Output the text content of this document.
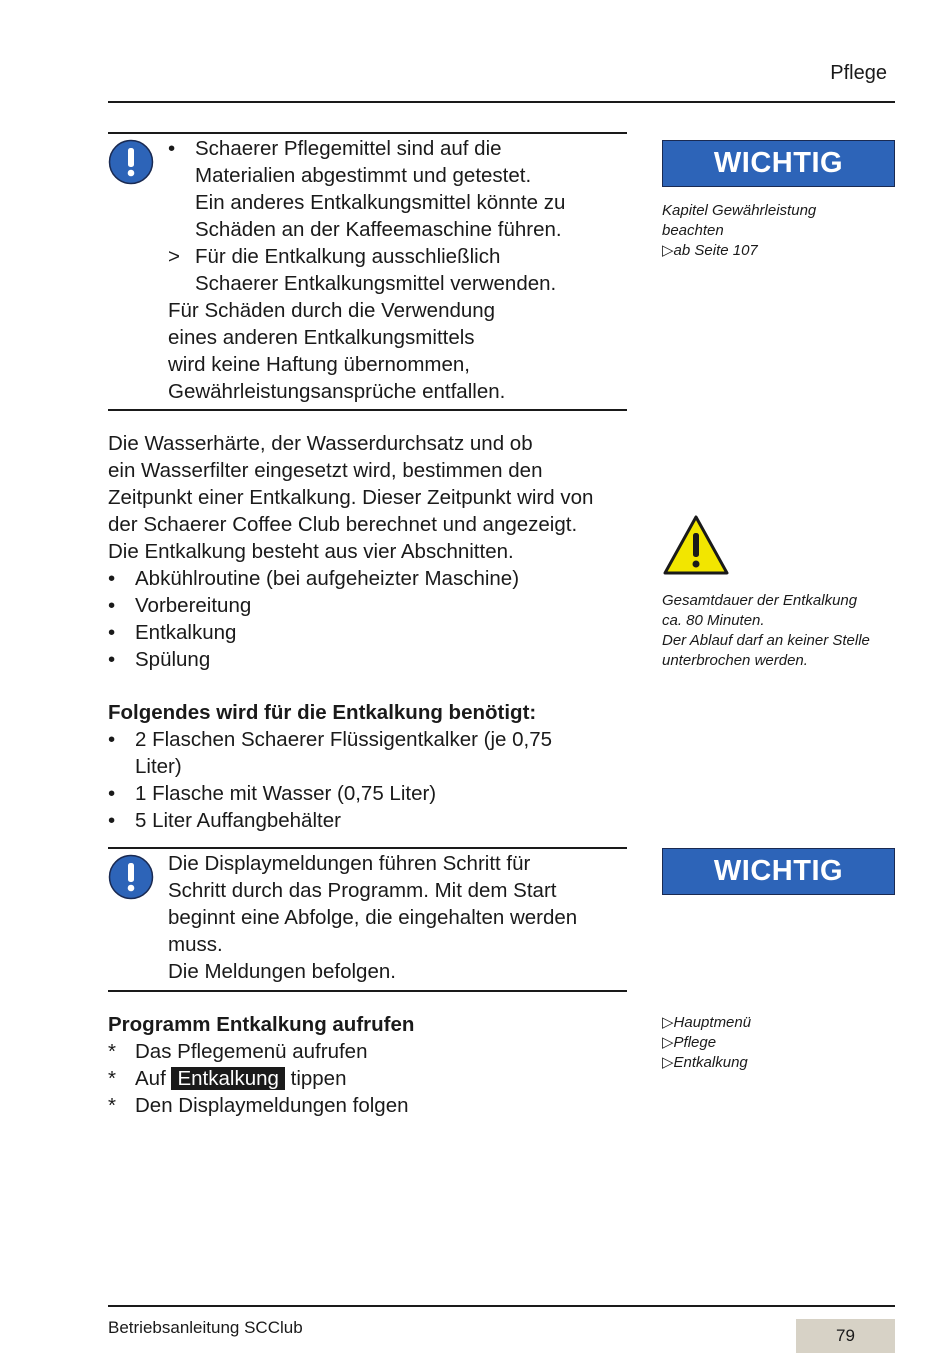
Pflege
• Schaerer Pflegemittel sind auf die
Materialien abgestimmt und getestet.
Ein anderes Entkalkungsmittel könnte zu
Schäden an der Kaffeemaschine führen.
> Für die Entkalkung ausschließlich
Schaerer Entkalkungsmittel verwenden.
Für Schäden durch die Verwendung
eines anderen Entkalkungsmittels
wird keine Haftung übernommen,
Gewährleistungsansprüche entfallen.
WICHTIG
Kapitel Gewährleistung
beachten
▷ab Seite 107
Die Wasserhärte, der Wasserdurchsatz und ob
ein Wasserfilter eingesetzt wird, bestimmen den
Zeitpunkt einer Entkalkung. Dieser Zeitpunkt wird von
der Schaerer Coffee Club berechnet und angezeigt.
Die Entkalkung besteht aus vier Abschnitten.
• Abkühlroutine (bei aufgeheizter Maschine)
• Vorbereitung
• Entkalkung
• Spülung
Gesamtdauer der Entkalkung
ca. 80 Minuten.
Der Ablauf darf an keiner Stelle
unterbrochen werden.
Folgendes wird für die Entkalkung benötigt:
• 2 Flaschen Schaerer Flüssigentkalker (je 0,75
Liter)
• 1 Flasche mit Wasser (0,75 Liter)
• 5 Liter Auffangbehälter
Die Displaymeldungen führen Schritt für
Schritt durch das Programm. Mit dem Start
beginnt eine Abfolge, die eingehalten werden
muss.
Die Meldungen befolgen.
WICHTIG
Programm Entkalkung aufrufen
* Das Pflegemenü aufrufen
* Auf Entkalkung tippen
* Den Displaymeldungen folgen
▷Hauptmenü
▷Pflege
▷Entkalkung
Betriebsanleitung SCClub	79
